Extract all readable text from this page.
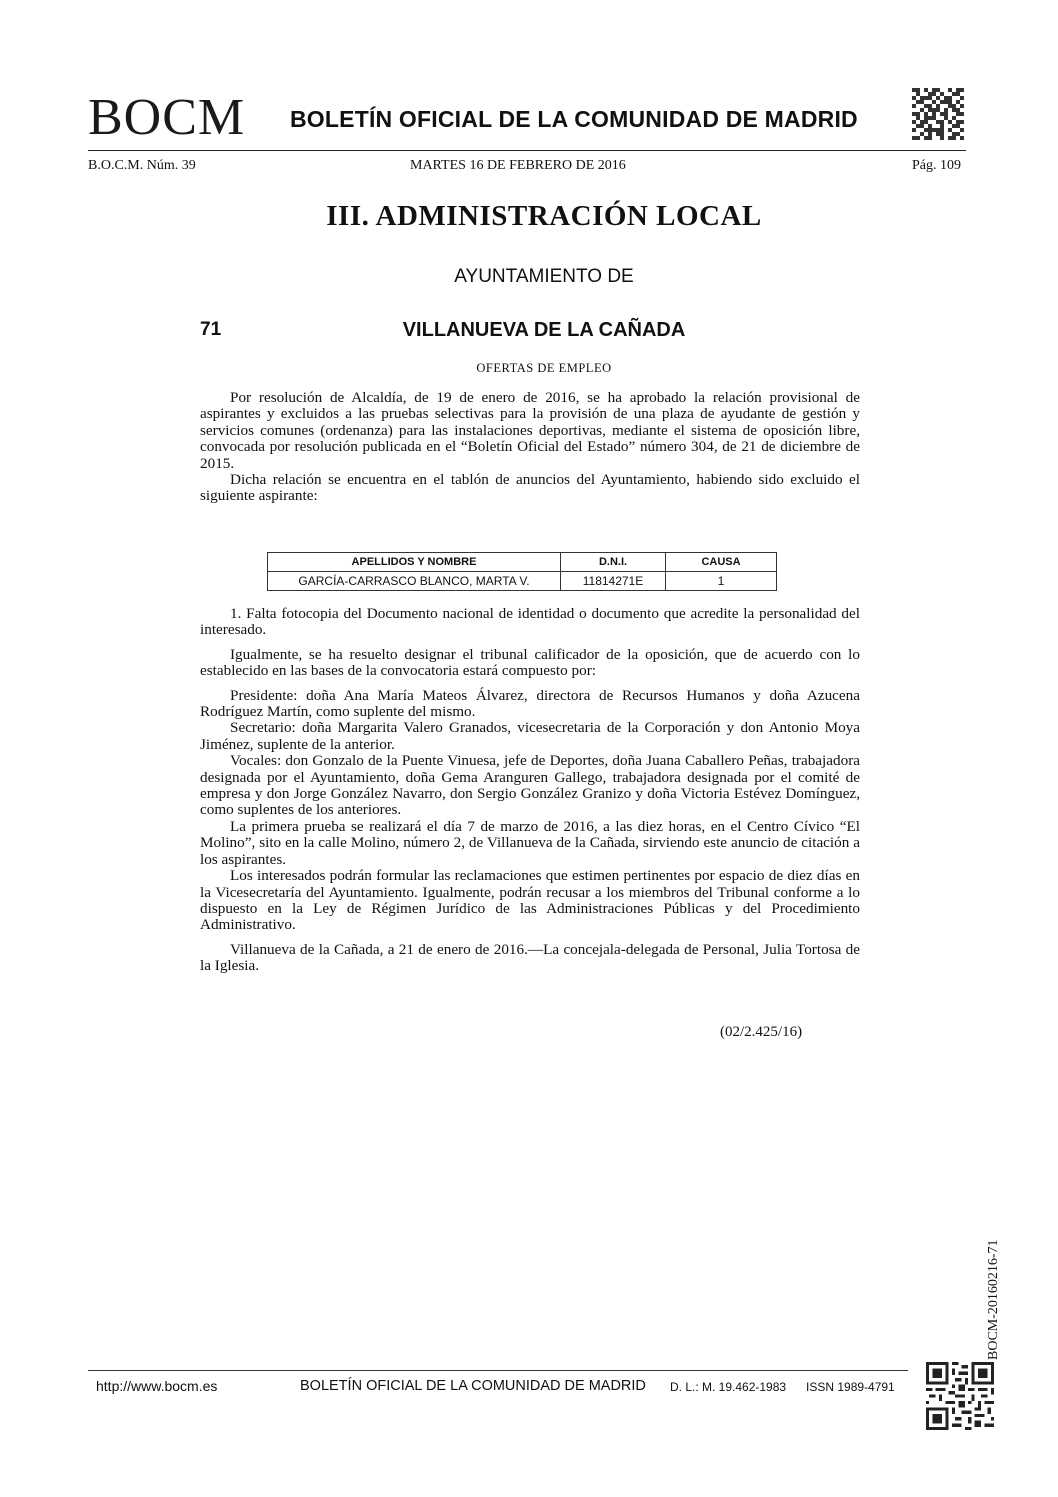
BOCM BOLETÍN OFICIAL DE LA COMUNIDAD DE MADRID
B.O.C.M. Núm. 39	MARTES 16 DE FEBRERO DE 2016	Pág. 109
III. ADMINISTRACIÓN LOCAL
AYUNTAMIENTO DE
71	VILLANUEVA DE LA CAÑADA
OFERTAS DE EMPLEO

Por resolución de Alcaldía, de 19 de enero de 2016, se ha aprobado la relación provisional de aspirantes y excluidos a las pruebas selectivas para la provisión de una plaza de ayudante de gestión y servicios comunes (ordenanza) para las instalaciones deportivas, mediante el sistema de oposición libre, convocada por resolución publicada en el “Boletín Oficial del Estado” número 304, de 21 de diciembre de 2015.

Dicha relación se encuentra en el tablón de anuncios del Ayuntamiento, habiendo sido excluido el siguiente aspirante:

APELLIDOS Y NOMBRE	D.N.I.	CAUSA
GARCÍA-CARRASCO BLANCO, MARTA V.	11814271E	1

1. Falta fotocopia del Documento nacional de identidad o documento que acredite la personalidad del interesado.

Igualmente, se ha resuelto designar el tribunal calificador de la oposición, que de acuerdo con lo establecido en las bases de la convocatoria estará compuesto por:

Presidente: doña Ana María Mateos Álvarez, directora de Recursos Humanos y doña Azucena Rodríguez Martín, como suplente del mismo.

Secretario: doña Margarita Valero Granados, vicesecretaria de la Corporación y don Antonio Moya Jiménez, suplente de la anterior.

Vocales: don Gonzalo de la Puente Vinuesa, jefe de Deportes, doña Juana Caballero Peñas, trabajadora designada por el Ayuntamiento, doña Gema Aranguren Gallego, trabajadora designada por el comité de empresa y don Jorge González Navarro, don Sergio González Granizo y doña Victoria Estévez Domínguez, como suplentes de los anteriores.

La primera prueba se realizará el día 7 de marzo de 2016, a las diez horas, en el Centro Cívico “El Molino”, sito en la calle Molino, número 2, de Villanueva de la Cañada, sirviendo este anuncio de citación a los aspirantes.

Los interesados podrán formular las reclamaciones que estimen pertinentes por espacio de diez días en la Vicesecretaría del Ayuntamiento. Igualmente, podrán recusar a los miembros del Tribunal conforme a lo dispuesto en la Ley de Régimen Jurídico de las Administraciones Públicas y del Procedimiento Administrativo.

Villanueva de la Cañada, a 21 de enero de 2016.—La concejala-delegada de Personal, Julia Tortosa de la Iglesia.

(02/2.425/16)
BOCM-20160216-71
http://www.bocm.es	BOLETÍN OFICIAL DE LA COMUNIDAD DE MADRID D. L.: M. 19.462-1983 ISSN 1989-4791
